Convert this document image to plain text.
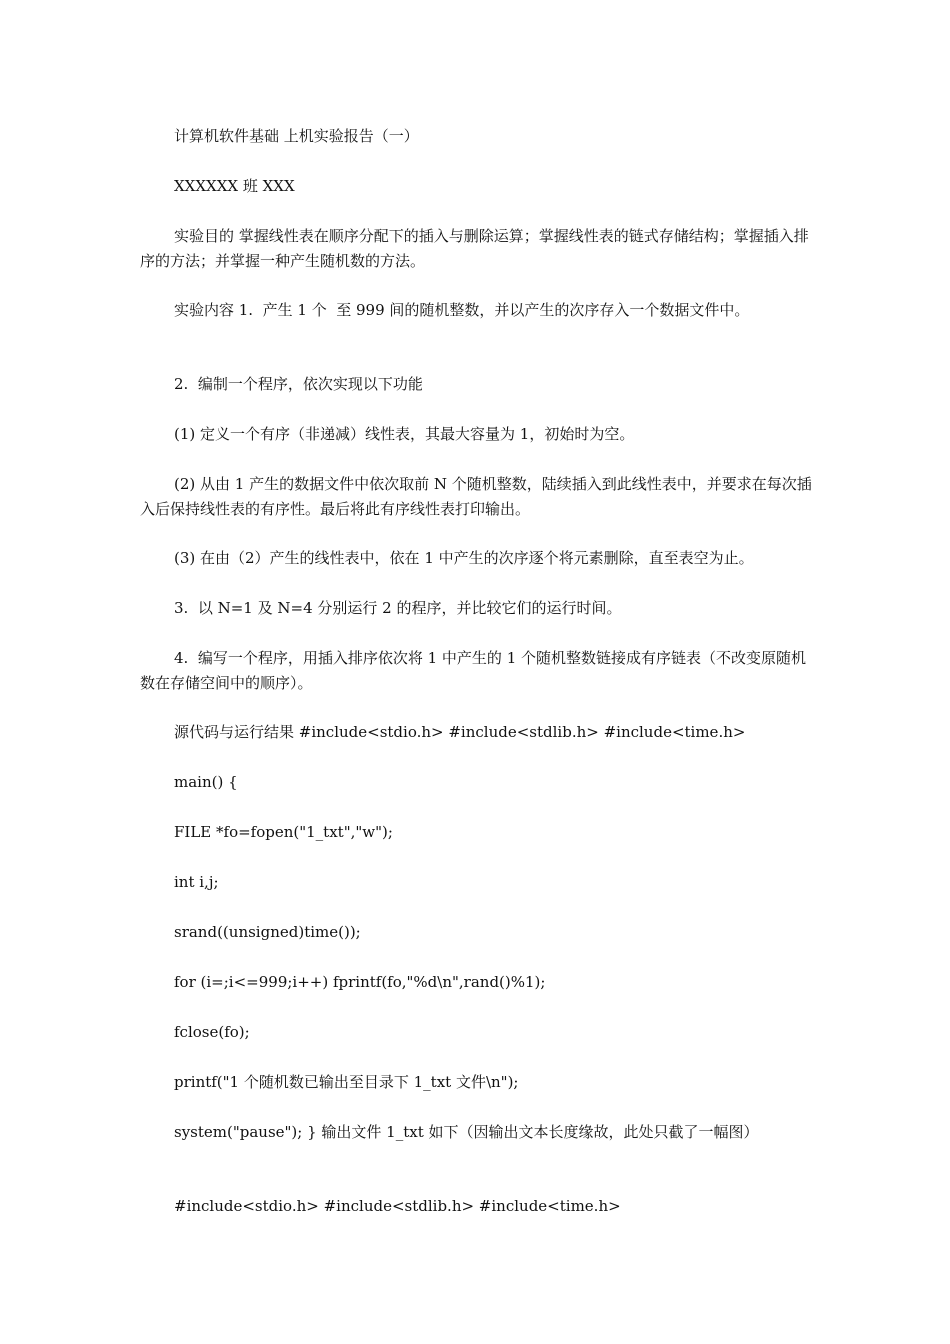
计算机软件基础 上机实验报告（一）

XXXXXX 班 XXX

实验目的 掌握线性表在顺序分配下的插入与删除运算；掌握线性表的链式存储结构；掌握插入排序的方法；并掌握一种产生随机数的方法。

实验内容 1.  产生 1 个  至 999 间的随机整数，并以产生的次序存入一个数据文件中。

2.  编制一个程序，依次实现以下功能

(1) 定义一个有序（非递减）线性表，其最大容量为 1，初始时为空。

(2) 从由 1 产生的数据文件中依次取前 N 个随机整数，陆续插入到此线性表中，并要求在每次插入后保持线性表的有序性。最后将此有序线性表打印输出。

(3) 在由（2）产生的线性表中，依在 1 中产生的次序逐个将元素删除，直至表空为止。

3.  以 N=1 及 N=4 分别运行 2 的程序，并比较它们的运行时间。

4.  编写一个程序，用插入排序依次将 1 中产生的 1 个随机整数链接成有序链表（不改变原随机数在存储空间中的顺序）。

源代码与运行结果 #include<stdio.h> #include<stdlib.h> #include<time.h>

main() {

FILE *fo=fopen("1_txt","w");

int i,j;

srand((unsigned)time());

for (i=;i<=999;i++) fprintf(fo,"%d\n",rand()%1);

fclose(fo);

printf("1 个随机数已输出至目录下 1_txt 文件\n");

system("pause"); } 输出文件 1_txt 如下（因输出文本长度缘故，此处只截了一幅图）

#include<stdio.h> #include<stdlib.h> #include<time.h>
